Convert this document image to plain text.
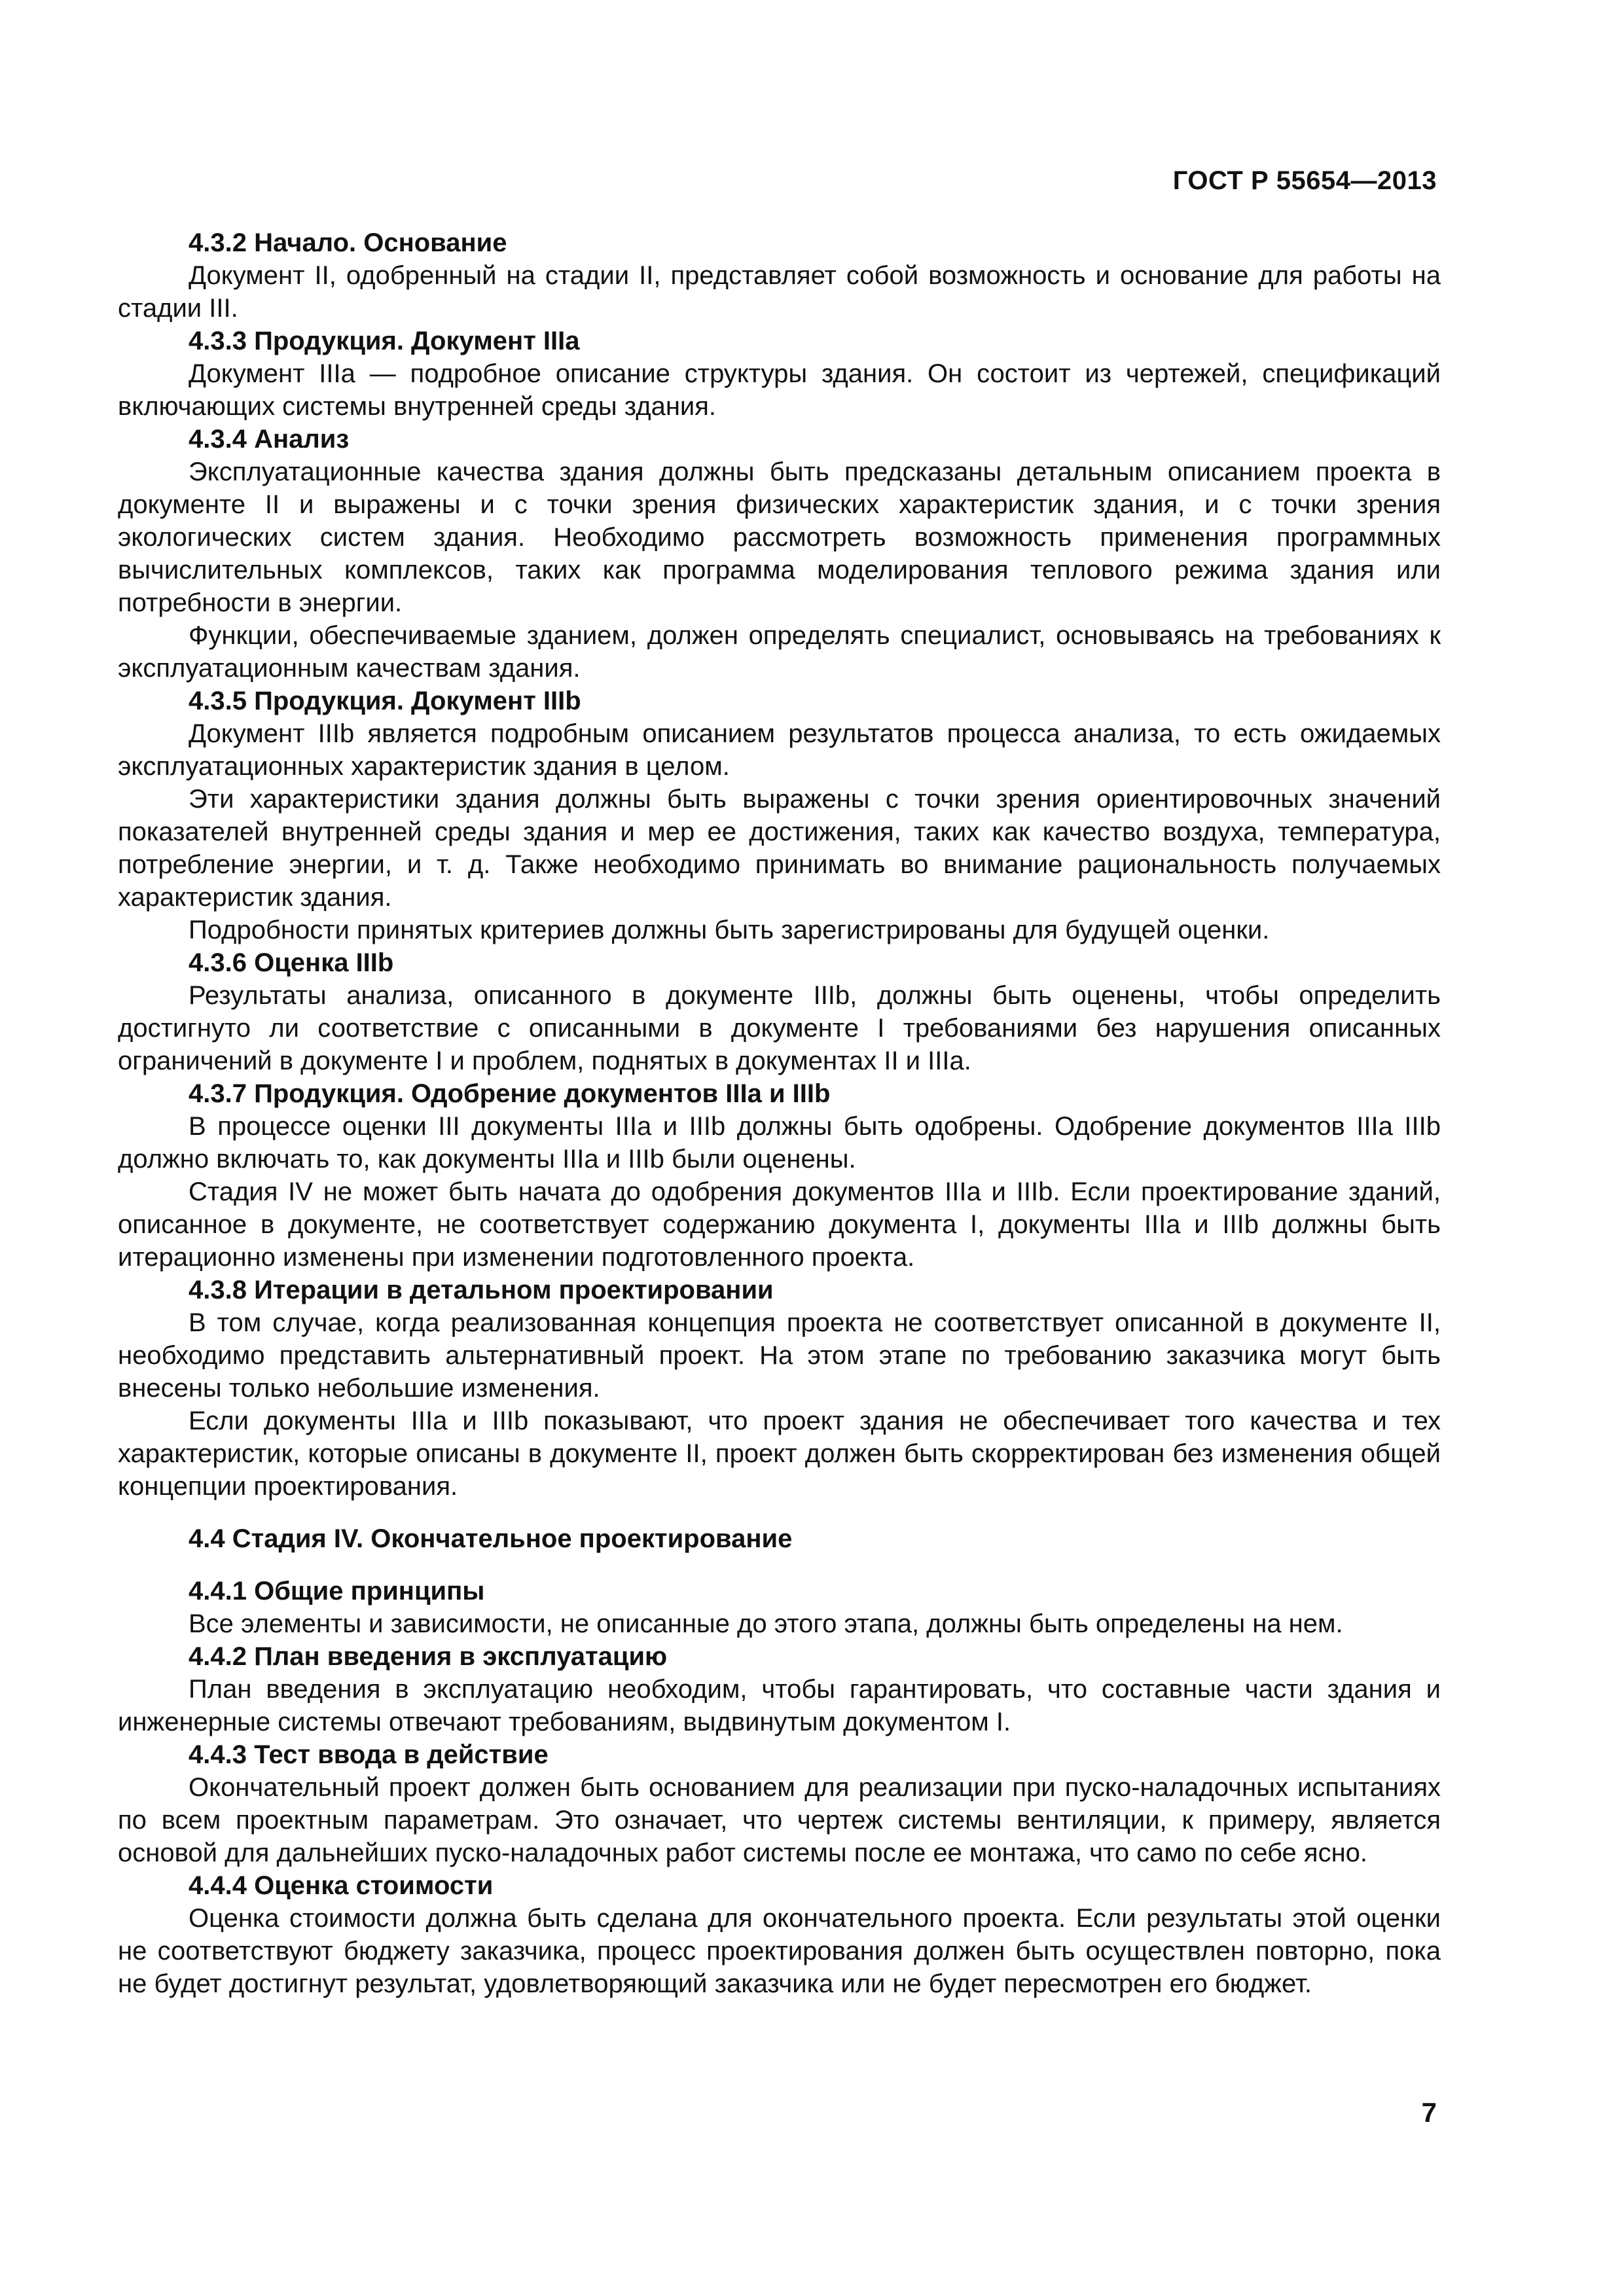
ГОСТ Р 55654—2013
4.3.2 Начало. Основание
Документ II, одобренный на стадии II, представляет собой возможность и основание для работы на стадии III.
4.3.3 Продукция. Документ IIIа
Документ IIIа — подробное описание структуры здания. Он состоит из чертежей, спецификаций включающих системы внутренней среды здания.
4.3.4 Анализ
Эксплуатационные качества здания должны быть предсказаны детальным описанием проекта в документе II и выражены и с точки зрения физических характеристик здания, и с точки зрения экологических систем здания. Необходимо рассмотреть возможность применения программных вычислительных комплексов, таких как программа моделирования теплового режима здания или потребности в энергии.
Функции, обеспечиваемые зданием, должен определять специалист, основываясь на требованиях к эксплуатационным качествам здания.
4.3.5 Продукция. Документ IIIb
Документ IIIb является подробным описанием результатов процесса анализа, то есть ожидаемых эксплуатационных характеристик здания в целом.
Эти характеристики здания должны быть выражены с точки зрения ориентировочных значений показателей внутренней среды здания и мер ее достижения, таких как качество воздуха, температура, потребление энергии, и т. д. Также необходимо принимать во внимание рациональность получаемых характеристик здания.
Подробности принятых критериев должны быть зарегистрированы для будущей оценки.
4.3.6 Оценка IIIb
Результаты анализа, описанного в документе IIIb, должны быть оценены, чтобы определить достигнуто ли соответствие с описанными в документе I требованиями без нарушения описанных ограничений в документе I и проблем, поднятых в документах II и IIIа.
4.3.7 Продукция. Одобрение документов IIIа и IIIb
В процессе оценки III документы IIIа и IIIb должны быть одобрены. Одобрение документов IIIа IIIb должно включать то, как документы IIIа и IIIb были оценены.
Стадия IV не может быть начата до одобрения документов IIIа и IIIb. Если проектирование зданий, описанное в документе, не соответствует содержанию документа I, документы IIIа и IIIb должны быть итерационно изменены при изменении подготовленного проекта.
4.3.8 Итерации в детальном проектировании
В том случае, когда реализованная концепция проекта не соответствует описанной в документе II, необходимо представить альтернативный проект. На этом этапе по требованию заказчика могут быть внесены только небольшие изменения.
Если документы IIIа и IIIb показывают, что проект здания не обеспечивает того качества и тех характеристик, которые описаны в документе II, проект должен быть скорректирован без изменения общей концепции проектирования.
4.4 Стадия IV. Окончательное проектирование
4.4.1 Общие принципы
Все элементы и зависимости, не описанные до этого этапа, должны быть определены на нем.
4.4.2 План введения в эксплуатацию
План введения в эксплуатацию необходим, чтобы гарантировать, что составные части здания и инженерные системы отвечают требованиям, выдвинутым документом I.
4.4.3 Тест ввода в действие
Окончательный проект должен быть основанием для реализации при пуско-наладочных испытаниях по всем проектным параметрам. Это означает, что чертеж системы вентиляции, к примеру, является основой для дальнейших пуско-наладочных работ системы после ее монтажа, что само по себе ясно.
4.4.4 Оценка стоимости
Оценка стоимости должна быть сделана для окончательного проекта. Если результаты этой оценки не соответствуют бюджету заказчика, процесс проектирования должен быть осуществлен повторно, пока не будет достигнут результат, удовлетворяющий заказчика или не будет пересмотрен его бюджет.
7
